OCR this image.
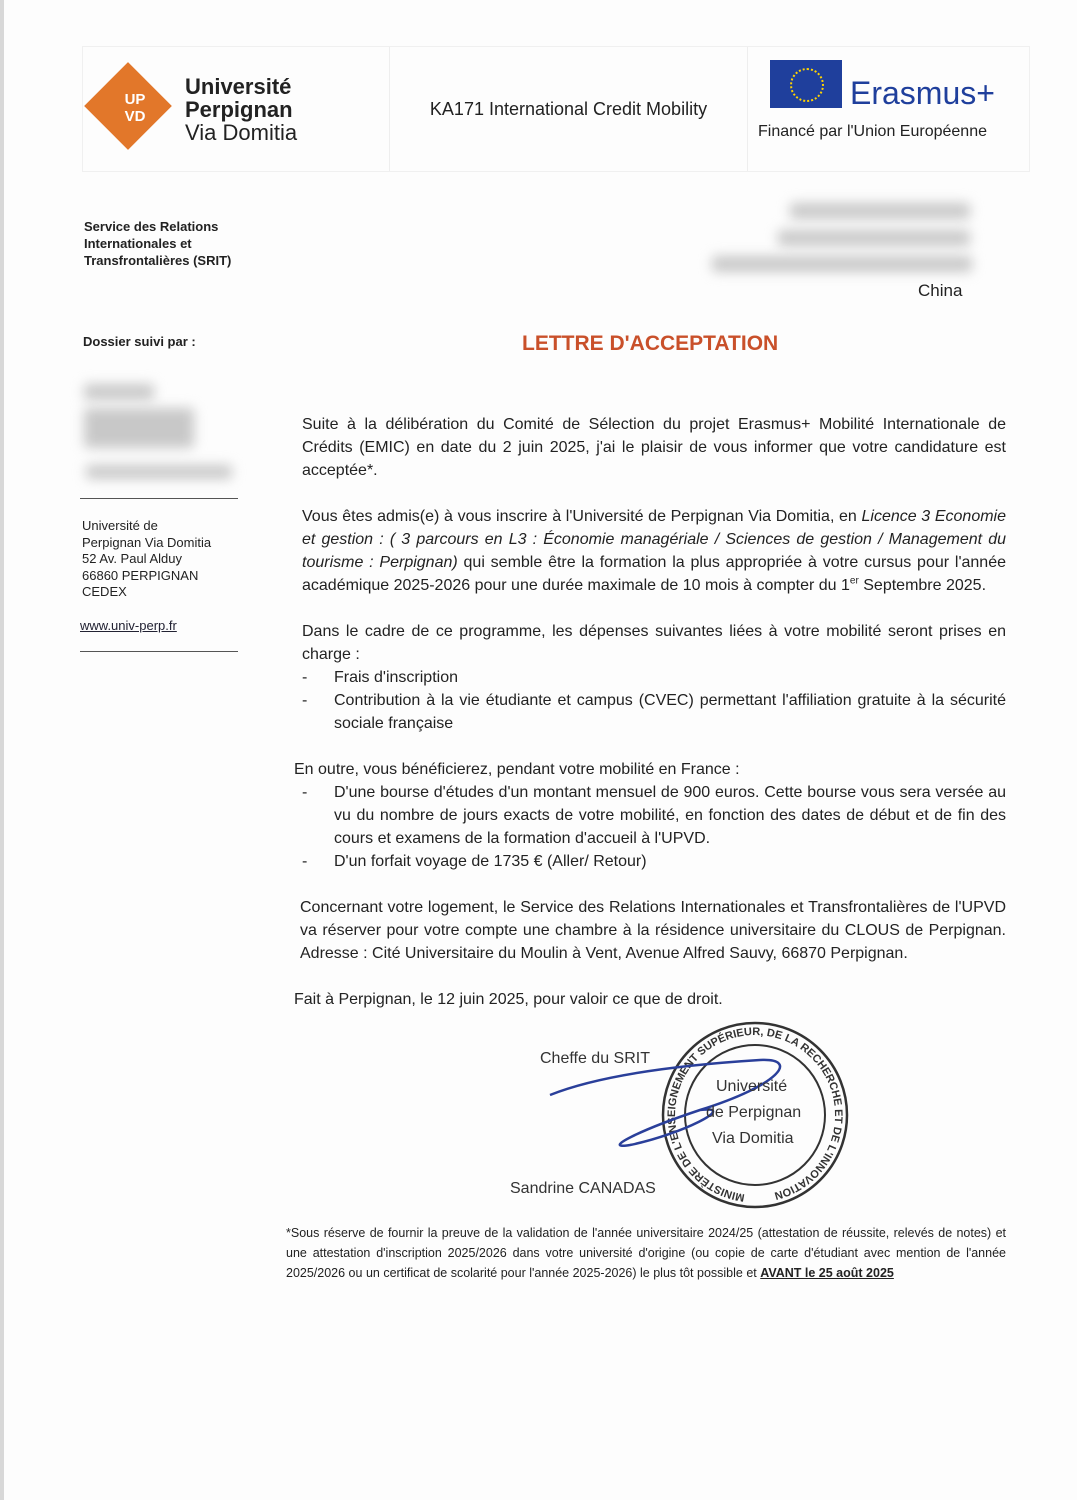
UP
VD
Université
Perpignan
Via Domitia
KA171 International Credit Mobility	Erasmus+
Financé par l'Union Européenne
Service des Relations Internationales et Transfrontalières (SRIT)
China
Dossier suivi par :
Université de
Perpignan Via Domitia
52 Av. Paul Alduy
66860 PERPIGNAN
CEDEX
www.univ-perp.fr
LETTRE D'ACCEPTATION

Suite à la délibération du Comité de Sélection du projet Erasmus+ Mobilité Internationale de Crédits (EMIC) en date du 2 juin 2025, j'ai le plaisir de vous informer que votre candidature est acceptée*.

Vous êtes admis(e) à vous inscrire à l'Université de Perpignan Via Domitia, en Licence 3 Economie et gestion : ( 3 parcours en L3 : Économie managériale / Sciences de gestion / Management du tourisme : Perpignan) qui semble être la formation la plus appropriée à votre cursus pour l'année académique 2025-2026 pour une durée maximale de 10 mois à compter du 1er Septembre 2025.

Dans le cadre de ce programme, les dépenses suivantes liées à votre mobilité seront prises en charge :

-	Frais d'inscription
-	Contribution à la vie étudiante et campus (CVEC) permettant l'affiliation gratuite à la sécurité sociale française

En outre, vous bénéficierez, pendant votre mobilité en France :

-	D'une bourse d'études d'un montant mensuel de 900 euros. Cette bourse vous sera versée au vu du nombre de jours exacts de votre mobilité, en fonction des dates de début et de fin des cours et examens de la formation d'accueil à l'UPVD.
-	D'un forfait voyage de 1735 € (Aller/ Retour)

Concernant votre logement, le Service des Relations Internationales et Transfrontalières de l'UPVD va réserver pour votre compte une chambre à la résidence universitaire du CLOUS de Perpignan. Adresse : Cité Universitaire du Moulin à Vent, Avenue Alfred Sauvy, 66870 Perpignan.

Fait à Perpignan, le 12 juin 2025, pour valoir ce que de droit.

MINISTÈRE DE L'ENSEIGNEMENT SUPÉRIEUR, DE LA RECHERCHE ET DE L'INNOVATION
Cheffe du SRIT
Université
de Perpignan
Via Domitia
Sandrine CANADAS
*Sous réserve de fournir la preuve de la validation de l'année universitaire 2024/25 (attestation de réussite, relevés de notes) et une attestation d'inscription 2025/2026 dans votre université d'origine (ou copie de carte d'étudiant avec mention de l'année 2025/2026 ou un certificat de scolarité pour l'année 2025-2026) le plus tôt possible et AVANT le 25 août 2025
